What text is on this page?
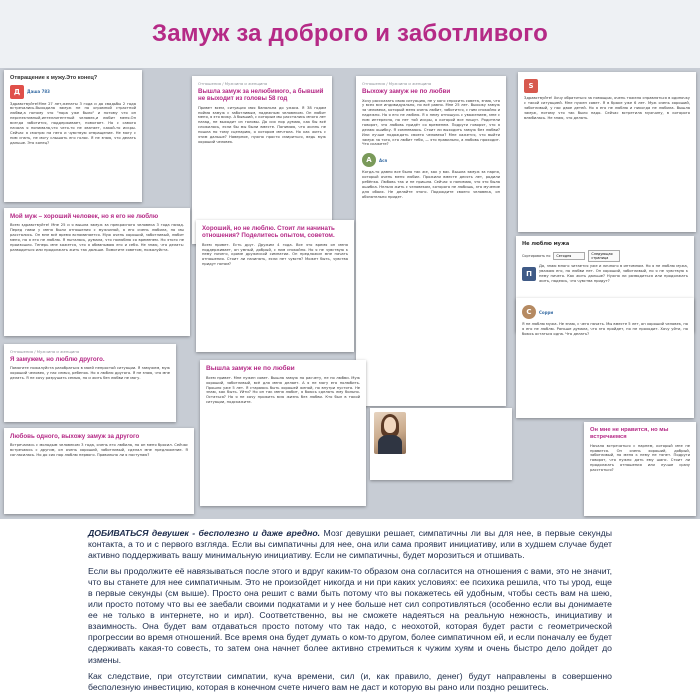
Замуж за доброго и заботливого
Отвращение к мужу.Это конец?
Д	Даша 783
Здравствуйте!Мне 27 лет,женаты 3 года и до свадьбы 2 года встречались.Выходила замуж не по огромной страстной любви,а потому что "пора уже было" и потому что он перспективный,интеллигентный человек,и любит меня.Он всегда заботится, поддерживает, помогает. Но с самого начала я понимала,что чего-то не хватает, какой-то искры. Сейчас я смотрю на него и чувствую отвращение. Не могу с ним спать, не могу слышать его голос. Я не знаю, что делать дальше. Это конец?
Отношения / Мужчина и женщина
Вышла замуж за нелюбимого, а бывший не выходит из головы 58 год
Привет всем, ситуация моя банальна до ужаса. Я 38 годам пойма замуж с заботливым, надежным человеком. Он любит меня, я это вижу. А бывший, с которым мы расстались много лет назад, не выходит из головы. До сих пор думаю, как бы всё сложилось, если бы мы были вместе. Понимаю, что жизнь не пошла по тому сценарию, о котором мечтала. Но как жить с этим дальше? Наверное, нужно просто смириться, ведь муж хороший человек.
Отношения / Мужчина и женщина
Выхожу замуж не по любви
Хочу рассказать свою ситуацию, не у кого спросить совета, знаю, что у всех все индивидуально, но всё равно. Мне 25 лет. Выхожу замуж за человека, который меня очень любит, заботится, с ним спокойно и надежно. Но я его не люблю. Я к нему отношусь с уважением, мне с ним интересно, но нет той искры, о которой все пишут. Родители говорят, что любовь придёт со временем. Подруги говорят, что я делаю ошибку. Я сомневаюсь. Стоит ли выходить замуж без любви? Или лучше подождать своего человека? Мне кажется, что выйти замуж за того, кто любит тебя, — это правильно, а любовь проходит. Что скажете?
А	Ася
Когда-то давно все было так же, как у вас. Вышла замуж за парня, который очень меня любил. Прожили вместе десять лет, родили ребёнка. Любовь так и не пришла. Сейчас я понимаю, что это была ошибка. Нельзя жить с человеком, которого не любишь, это мучение для обоих. Не делайте этого. Подождите своего человека, он обязательно придет.
S
Здравствуйте! Хочу обратиться за помощью, очень тяжело справляться в одиночку с такой ситуацией. Мне нужен совет. Я в браке уже 6 лет. Муж очень хороший, заботливый, у нас двое детей. Но я его не люблю и никогда не любила. Вышла замуж, потому что так было надо. Сейчас встретила мужчину, в которого влюбилась. Не знаю, что делать.
Мой муж – хороший человек, но я его не люблю
Всем здравствуйте! Мне 25 и я вышла замуж за прекрасного человека 3 года назад. Перед нами у меня были отношения с мужчиной, я его очень любила, но мы расстались. Он мне всё время вспоминается. Муж очень хороший, заботливый, любит меня, но я его не люблю. Я пыталась, думала, что полюблю со временем. Но этого не произошло. Теперь мне кажется, что я обманываю его и себя. Не знаю, что делать: разводиться или продолжать жить так дальше. Помогите советом, пожалуйста.
Хороший, но не люблю. Стоит ли начинать отношения? Поделитесь опытом, советом.
Всем привет. Есть друг. Дружим 4 года. Все это время он меня поддерживает, он умный, добрый, с ним спокойно. Но я не чувствую к нему ничего, кроме дружеской симпатии. Он предложил мне начать отношения. Стоит ли начинать, если нет чувств? Может быть, чувства придут потом?
Не люблю мужа
Сортировать по	Сегодня	Следующая страница
П
Да, знаю много читается уже и личного в интимном. Но я не люблю мужа, уважаю его, но любви нет. Он хороший, заботливый, но я не чувствую к нему ничего. Как жить дальше? Нужно ли разводиться или продолжать жить, надеясь, что чувства придут?
С	Сорри
Я не люблю мужа. Не знаю, с чего начать. Мы вместе 5 лет, он хороший человек, но я его не люблю. Раньше думала, что это пройдет, но не проходит. Хочу уйти, но боюсь остаться одна. Что делать?
Отношения / Мужчина и женщина
Я замужем, но люблю другого.
Помогите пожалуйста разобраться в моей непростой ситуации. Я замужем, муж хороший человек, у нас семья, ребенок. Но я люблю другого. Я не знаю, что мне делать. Я не хочу разрушать семью, но и жить без любви не могу.
Вышла замуж не по любви
Всем привет. Мне нужен совет. Вышла замуж по расчету, не по любви. Муж хороший, заботливый, всё для меня делает. А я не могу его полюбить. Прошло уже 5 лет. Я стараюсь быть хорошей женой, но внутри пустота. Не знаю, как быть. Уйти? Но он так меня любит, я боюсь сделать ему больно. Остаться? Но я не хочу прожить всю жизнь без любви. Кто был в такой ситуации, подскажите.
Любовь одного, выхожу замуж за другого
Встречалась с молодым человеком 3 года, очень его любила, но он меня бросил. Сейчас встречаюсь с другим, он очень хороший, заботливый, сделал мне предложение. Я согласилась. Но до сих пор люблю первого. Правильно ли я поступаю?
Он мне не нравится, но мы встречаемся
Начала встречаться с парнем, который мне не нравится. Он очень хороший, добрый, заботливый, но меня к нему не тянет. Подруги говорят, что нужно дать ему шанс. Стоит ли продолжать отношения или лучше сразу расстаться?

ДОБИВАТЬСЯ девушек - бесполезно и даже вредно. Мозг девушки решает, симпатичны ли вы для нее, в первые секунды контакта, а то и с первого взгляда. Если вы симпатичны для нее, она или сама проявит инициативу, или в худшем случае будет активно поддерживать вашу минимальную инициативу. Если не симпатичны, будет морозиться и отшивать.

Если вы продолжите её навязываться после этого и вдруг каким-то образом она согласится на отношения с вами, это не значит, что вы станете для нее симпатичным. Это не произойдет никогда и ни при каких условиях: ее психика решила, что ты урод, еще в первые секунды (см выше). Просто она решит с вами быть потому что вы покажетесь ей удобным, чтобы сесть вам на шею, или просто потому что вы ее заебали своими подкатами и у нее больше нет сил сопротивляться (особенно если вы донимаете ее не только в интернете, но и ирл). Соответственно, вы не сможете надеяться на реальную нежность, инициативу и взаимность. Она будет вам отдаваться просто потому что так надо, с неохотой, которая будет расти с геометрической прогрессии во время отношений. Все время она будет думать о ком-то другом, более симпатичном ей, и если поначалу ее будет сдерживать какая-то совесть, то затем она начнет более активно стремиться к чужим хуям и очень быстро дело дойдет до измены.

Как следствие, при отсутствии симпатии, куча времени, сил (и, как правило, денег) будут направлены в совершенно бесполезную инвестицию, которая в конечном счете ничего вам не даст и которую вы рано или поздно решитесь.
